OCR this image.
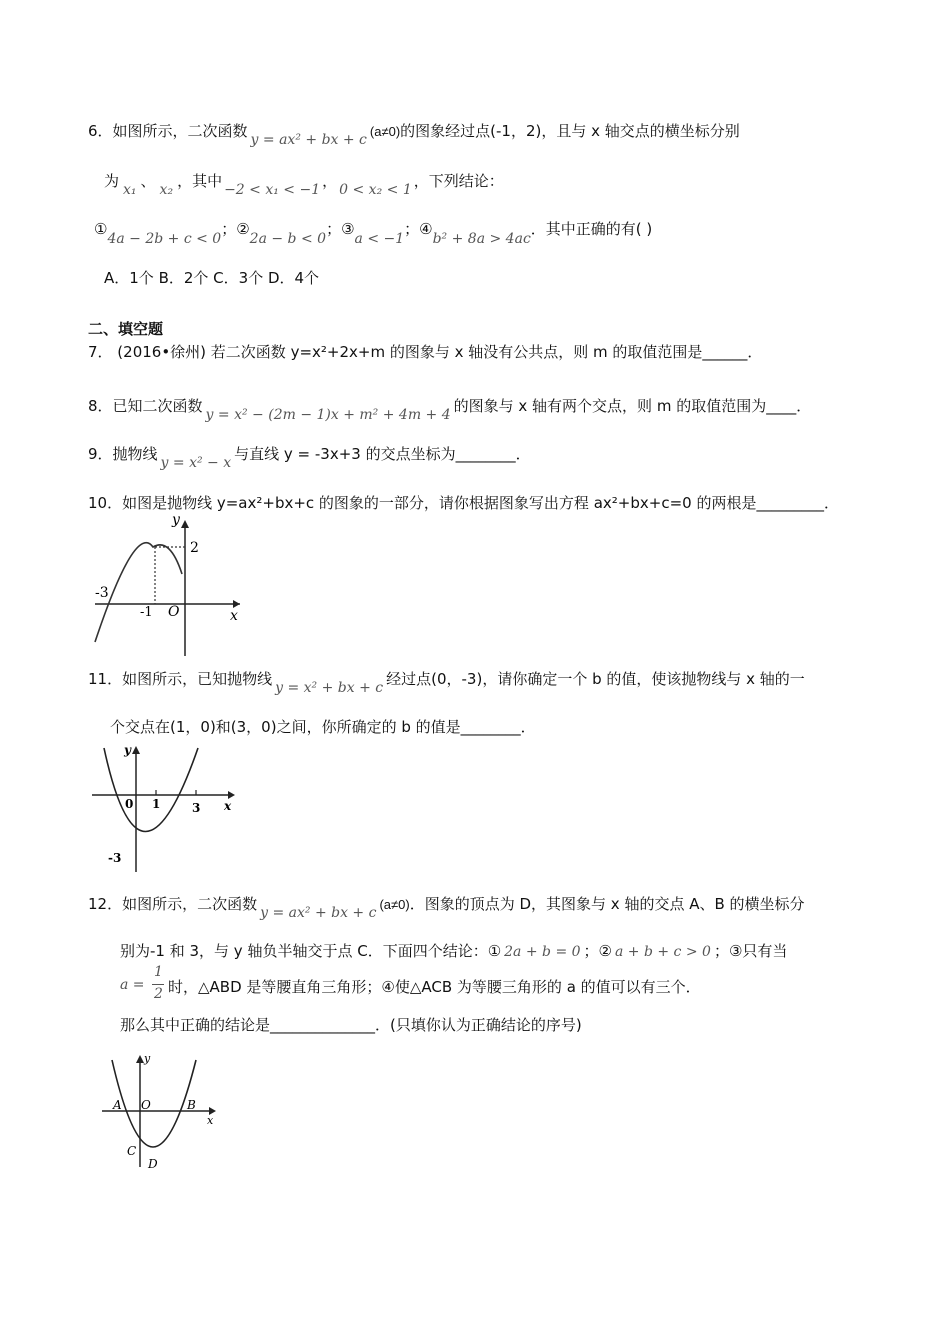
6．如图所示，二次函数 y = ax² + bx + c(a≠0)的图象经过点(-1，2)，且与 x 轴交点的横坐标分别
为 x₁ 、 x₂ ，其中 −2 < x₁ < −1 ， 0 < x₂ < 1 ，下列结论：
①4a − 2b + c < 0；②2a − b < 0；③a < −1；④b² + 8a > 4ac．其中正确的有( )
A．1个 B．2个 C．3个 D．4个
二、填空题
7． (2016•徐州) 若二次函数 y=x²+2x+m 的图象与 x 轴没有公共点，则 m 的取值范围是______．
8．已知二次函数 y = x² − (2m − 1)x + m² + 4m + 4 的图象与 x 轴有两个交点，则 m 的取值范围为____．
9．抛物线 y = x² − x 与直线 y = -3x+3 的交点坐标为________．
10．如图是抛物线 y=ax²+bx+c 的图象的一部分，请你根据图象写出方程 ax²+bx+c=0 的两根是_________．
y
x
2
-3
-1 O
11．如图所示，已知抛物线 y = x² + bx + c 经过点(0，-3)，请你确定一个 b 的值，使该抛物线与 x 轴的一
个交点在(1，0)和(3，0)之间，你所确定的 b 的值是________．
y
x
0 1	3
-3
12．如图所示，二次函数 y = ax² + bx + c(a≠0)．图象的顶点为 D，其图象与 x 轴的交点 A、B 的横坐标分
别为-1 和 3，与 y 轴负半轴交于点 C．下面四个结论：① 2a + b = 0 ；② a + b + c > 0 ；③只有当
a =
1
2 时，△ABD 是等腰直角三角形；④使△ACB 为等腰三角形的 a 的值可以有三个．
那么其中正确的结论是______________．(只填你认为正确结论的序号)
y
x
A O	B
C
D
